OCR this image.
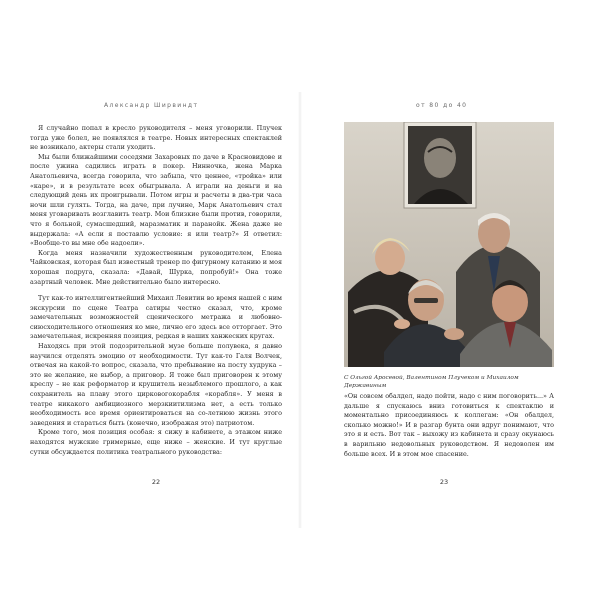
Александр Ширвиндт

Я случайно попал в кресло руководителя – меня уговорили. Плучек тогда уже болел, не появлялся в театре. Новых интересных спектаклей не возникало, актеры стали уходить.

Мы были ближайшими соседями Захаровых по даче в Красновидове и после ужина садились играть в покер. Нинночка, жена Марка Анатольевича, всегда говорила, что забыла, что ценнее, «тройка» или «каре», и в результате всех обыгрывала. А играли на деньги и на следующий день их проигрывали. Потом игры и расчеты в два-три часа ночи шли гулять. Тогда, на даче, при лучине, Марк Анатольевич стал меня уговаривать возглавить театр. Мои близкие были против, говорили, что я больной, сумасшедший, маразматик и паранойк. Жена даже не выдержала: «А если я поставлю условие: я или театр?» Я ответил: «Вообще-то вы мне обе надоели».

Когда меня назначили художественным руководителем, Елена Чайковская, которая был известный тренер по фигурному катанию и моя хорошая подруга, сказала: «Давай, Шурка, попробуй!» Она тоже азартный человек. Мне действительно было интересно.

Тут как-то интеллигентнейший Михаил Левитин во время нашей с ним экскурсии по сцене Театра сатиры честно сказал, что, кроме замечательных возможностей сценического метража и любовно-сиюсходительного отношения ко мне, лично его здесь все отторгает. Это замечательная, искренняя позиция, редкая в наших ханжеских кругах.

Находясь при этой подозрительной музе больше полувека, я давно научился отделять эмоцию от необходимости. Тут как-то Галя Волчек, отвечая на какой-то вопрос, сказала, что пребывание на посту худрука – это не желание, не выбор, а приговор. Я тоже был приговорен к этому креслу – не как реформатор и крушитель незыблемого прошлого, а как сохранитель на плаву этого цирковогокорабля «корабля». У меня в театре никакого амбициозного мерзкиитилизма нет, а есть только необходимость все время ориентироваться на со-летнюю жизнь этого заведения и стараться быть (конечно, изображая это) патриотом.

Кроме того, моя позиция особая: я сижу в кабинете, а этажом ниже находятся мужские гримерные, еще ниже – женские. И тут круглые сутки обсуждается политика театрального руководства:

22
от 80 до 40
С Ольгой Аросевой, Валентином Плучеком и Михаилом Державиным

«Он совсем обалдел, надо пойти, надо с ним поговорить...» А дальше я спускаюсь вниз готовиться к спектаклю и моментально присоединяюсь к коллегам: «Он обалдел, сколько можно!» И в разгар бунта они вдруг понимают, что это я и есть. Вот так – выхожу из кабинета и сразу окунаюсь в варильню недовольных руководством. Я недоволен им больше всех. И в этом мое спасение.

23
